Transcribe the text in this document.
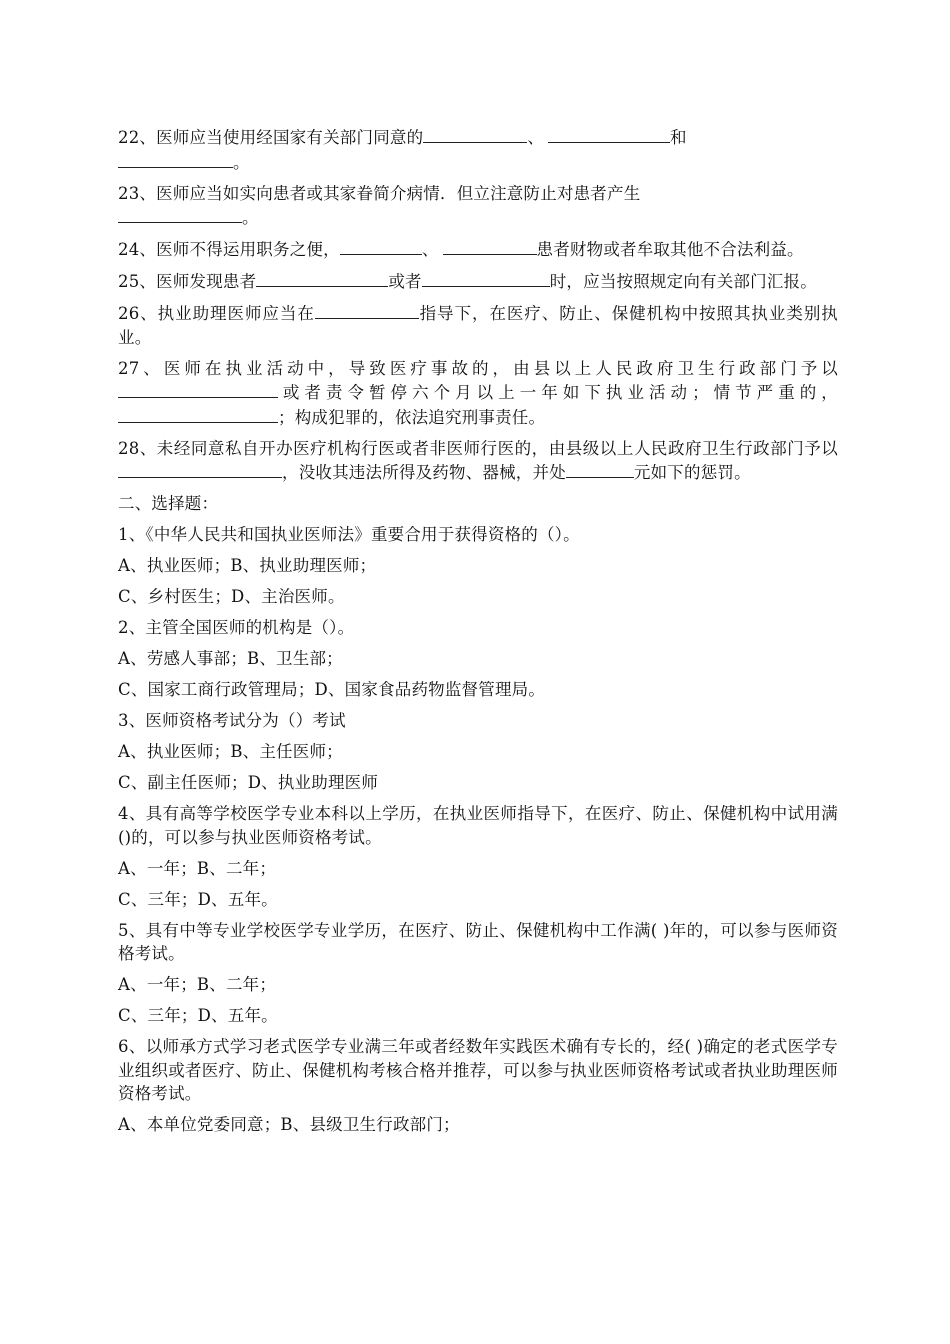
22、医师应当使用经国家有关部门同意的	、	和
。

23、医师应当如实向患者或其家眷简介病情．但立注意防止对患者产生
。

24、医师不得运用职务之便，	、	患者财物或者牟取其他不合法利益。

25、医师发现患者	或者	时，应当按照规定向有关部门汇报。

26、执业助理医师应当在	指导下，在医疗、防止、保健机构中按照其执业类别执业。

27、医师在执业活动中，导致医疗事故的，由县以上人民政府卫生行政部门予以或者责令暂停六个月以上一年如下执业活动；情节严重的，；构成犯罪的，依法追究刑事责任。

28、未经同意私自开办医疗机构行医或者非医师行医的，由县级以上人民政府卫生行政部门予以，没收其违法所得及药物、器械，并处	元如下的惩罚。

二、选择题：

1、《中华人民共和国执业医师法》重要合用于获得资格的（）。

A、执业医师；B、执业助理医师；

C、乡村医生；D、主治医师。

2、主管全国医师的机构是（）。

A、劳感人事部；B、卫生部；

C、国家工商行政管理局；D、国家食品药物监督管理局。

3、医师资格考试分为（）考试

A、执业医师；B、主任医师；

C、副主任医师；D、执业助理医师

4、具有高等学校医学专业本科以上学历，在执业医师指导下，在医疗、防止、保健机构中试用满()的，可以参与执业医师资格考试。

A、一年；B、二年；

C、三年；D、五年。

5、具有中等专业学校医学专业学历，在医疗、防止、保健机构中工作满( )年的，可以参与医师资格考试。

A、一年；B、二年；

C、三年；D、五年。

6、以师承方式学习老式医学专业满三年或者经数年实践医术确有专长的，经( )确定的老式医学专业组织或者医疗、防止、保健机构考核合格并推荐，可以参与执业医师资格考试或者执业助理医师资格考试。

A、本单位党委同意；B、县级卫生行政部门；
